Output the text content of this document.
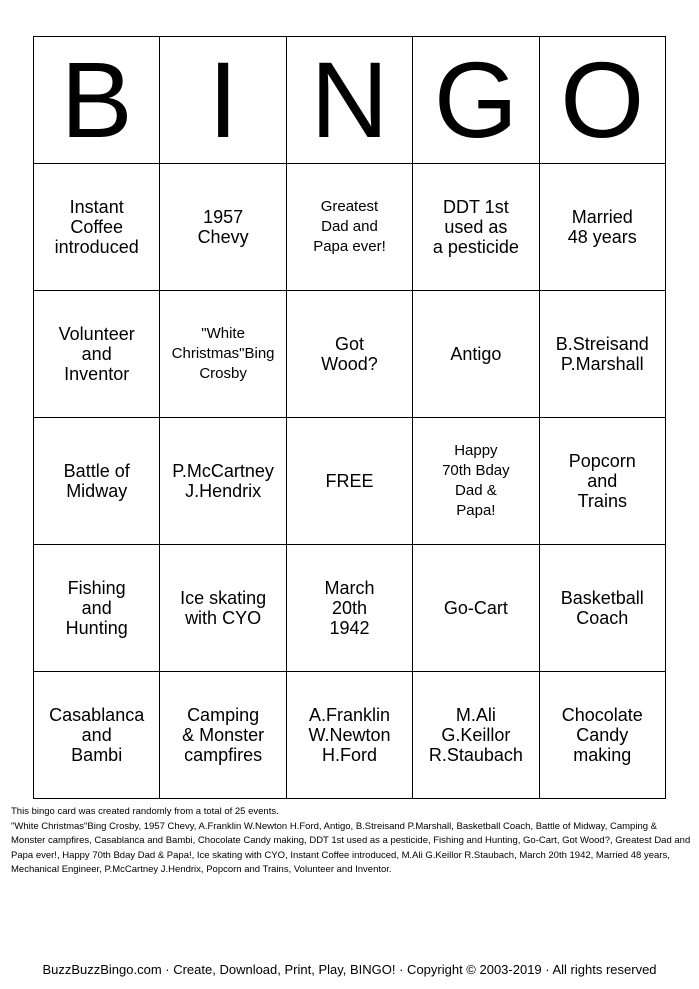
B	I	N	G	O

Instant
Coffee
introduced	1957
Chevy	Greatest
Dad and
Papa ever!	DDT 1st
used as
a pesticide	Married
48 years

Volunteer
and
Inventor	"White
Christmas"Bing
Crosby	Got
Wood?	Antigo	B.Streisand
P.Marshall

Battle of
Midway	P.McCartney
J.Hendrix	FREE	Happy
70th Bday
Dad &
Papa!	Popcorn
and
Trains

Fishing
and
Hunting	Ice skating
with CYO	March
20th
1942	Go-Cart	Basketball
Coach

Casablanca
and
Bambi	Camping
& Monster
campfires	A.Franklin
W.Newton
H.Ford	M.Ali
G.Keillor
R.Staubach	Chocolate
Candy
making

This bingo card was created randomly from a total of 25 events.

"White Christmas"Bing Crosby, 1957 Chevy, A.Franklin W.Newton H.Ford, Antigo, B.Streisand P.Marshall, Basketball Coach, Battle of Midway, Camping & Monster campfires, Casablanca and Bambi, Chocolate Candy making, DDT 1st used as a pesticide, Fishing and Hunting, Go-Cart, Got Wood?, Greatest Dad and Papa ever!, Happy 70th Bday Dad & Papa!, Ice skating with CYO, Instant Coffee introduced, M.Ali G.Keillor R.Staubach, March 20th 1942, Married 48 years, Mechanical Engineer, P.McCartney J.Hendrix, Popcorn and Trains, Volunteer and Inventor.

BuzzBuzzBingo.com · Create, Download, Print, Play, BINGO! · Copyright © 2003-2019 · All rights reserved
